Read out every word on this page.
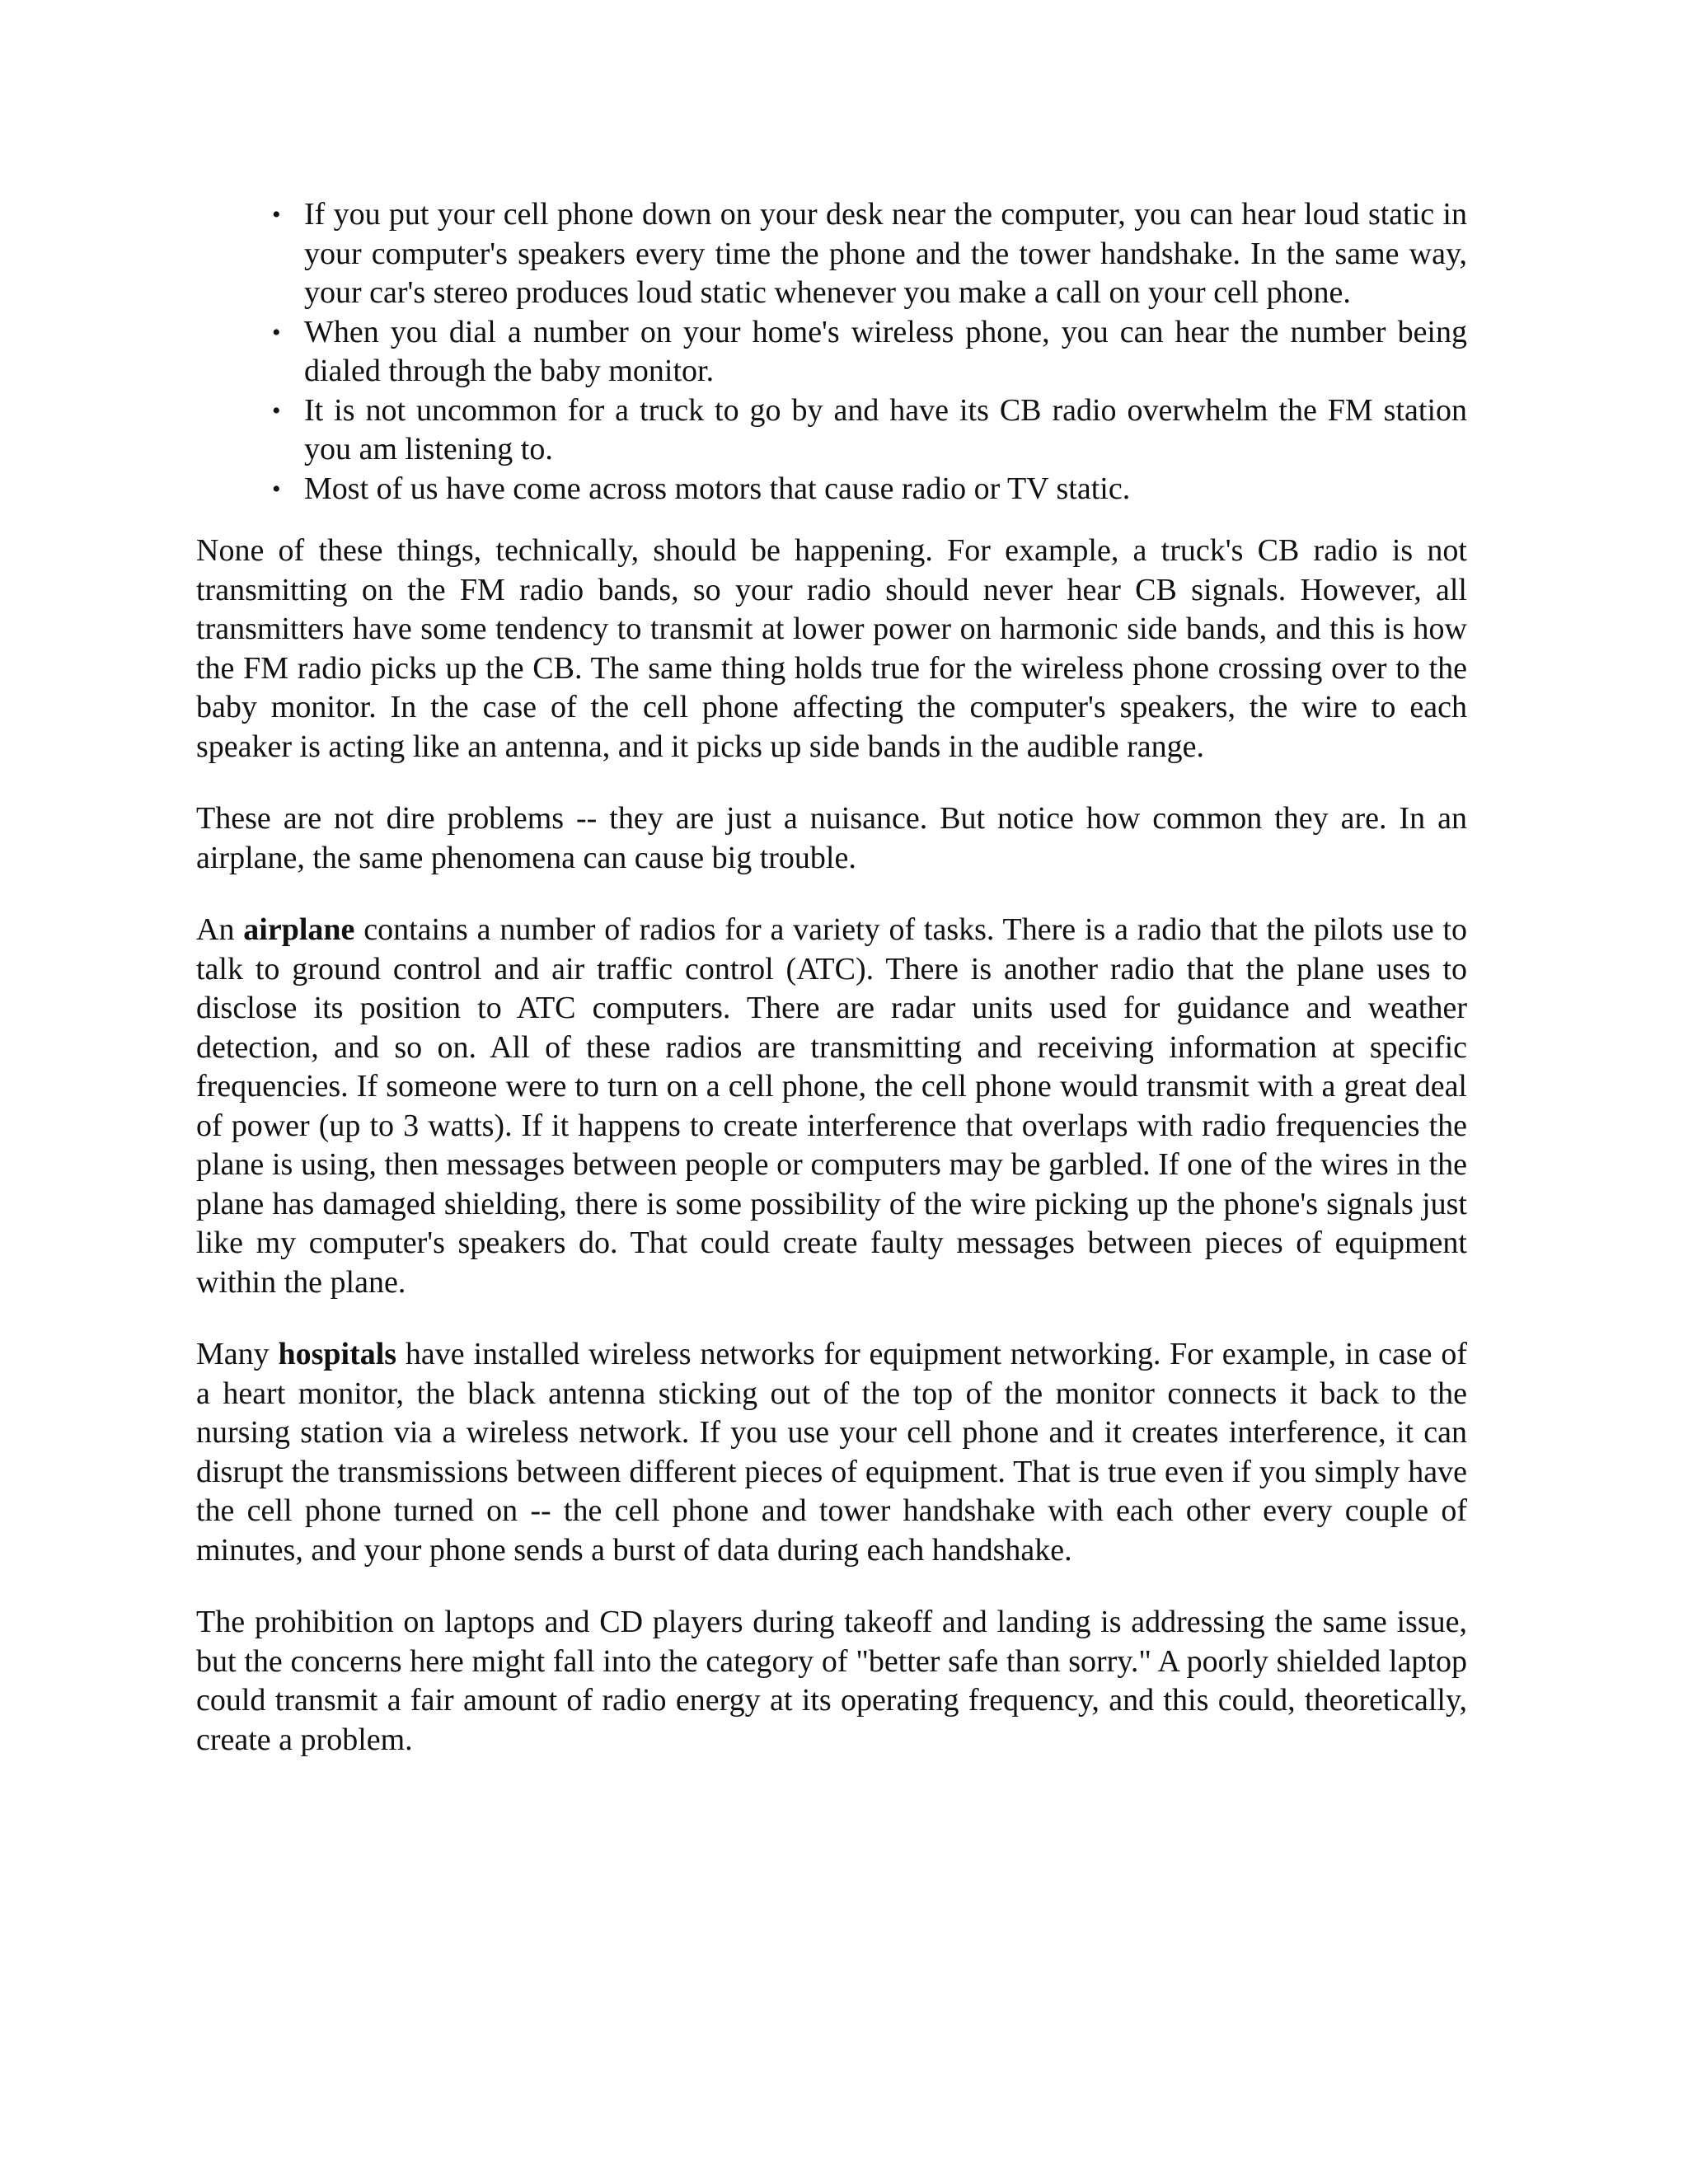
• If you put your cell phone down on your desk near the computer, you can hear loud static in your computer's speakers every time the phone and the tower handshake. In the same way, your car's stereo produces loud static whenever you make a call on your cell phone.
• When you dial a number on your home's wireless phone, you can hear the number being dialed through the baby monitor.
• It is not uncommon for a truck to go by and have its CB radio overwhelm the FM station you am listening to.
• Most of us have come across motors that cause radio or TV static.

None of these things, technically, should be happening. For example, a truck's CB radio is not transmitting on the FM radio bands, so your radio should never hear CB signals. However, all transmitters have some tendency to transmit at lower power on harmonic side bands, and this is how the FM radio picks up the CB. The same thing holds true for the wireless phone crossing over to the baby monitor. In the case of the cell phone affecting the computer's speakers, the wire to each speaker is acting like an antenna, and it picks up side bands in the audible range.

These are not dire problems -- they are just a nuisance. But notice how common they are. In an airplane, the same phenomena can cause big trouble.

An airplane contains a number of radios for a variety of tasks. There is a radio that the pilots use to talk to ground control and air traffic control (ATC). There is another radio that the plane uses to disclose its position to ATC computers. There are radar units used for guidance and weather detection, and so on. All of these radios are transmitting and receiving information at specific frequencies. If someone were to turn on a cell phone, the cell phone would transmit with a great deal of power (up to 3 watts). If it happens to create interference that overlaps with radio frequencies the plane is using, then messages between people or computers may be garbled. If one of the wires in the plane has damaged shielding, there is some possibility of the wire picking up the phone's signals just like my computer's speakers do. That could create faulty messages between pieces of equipment within the plane.

Many hospitals have installed wireless networks for equipment networking. For example, in case of a heart monitor, the black antenna sticking out of the top of the monitor connects it back to the nursing station via a wireless network. If you use your cell phone and it creates interference, it can disrupt the transmissions between different pieces of equipment. That is true even if you simply have the cell phone turned on -- the cell phone and tower handshake with each other every couple of minutes, and your phone sends a burst of data during each handshake.

The prohibition on laptops and CD players during takeoff and landing is addressing the same issue, but the concerns here might fall into the category of "better safe than sorry." A poorly shielded laptop could transmit a fair amount of radio energy at its operating frequency, and this could, theoretically, create a problem.
